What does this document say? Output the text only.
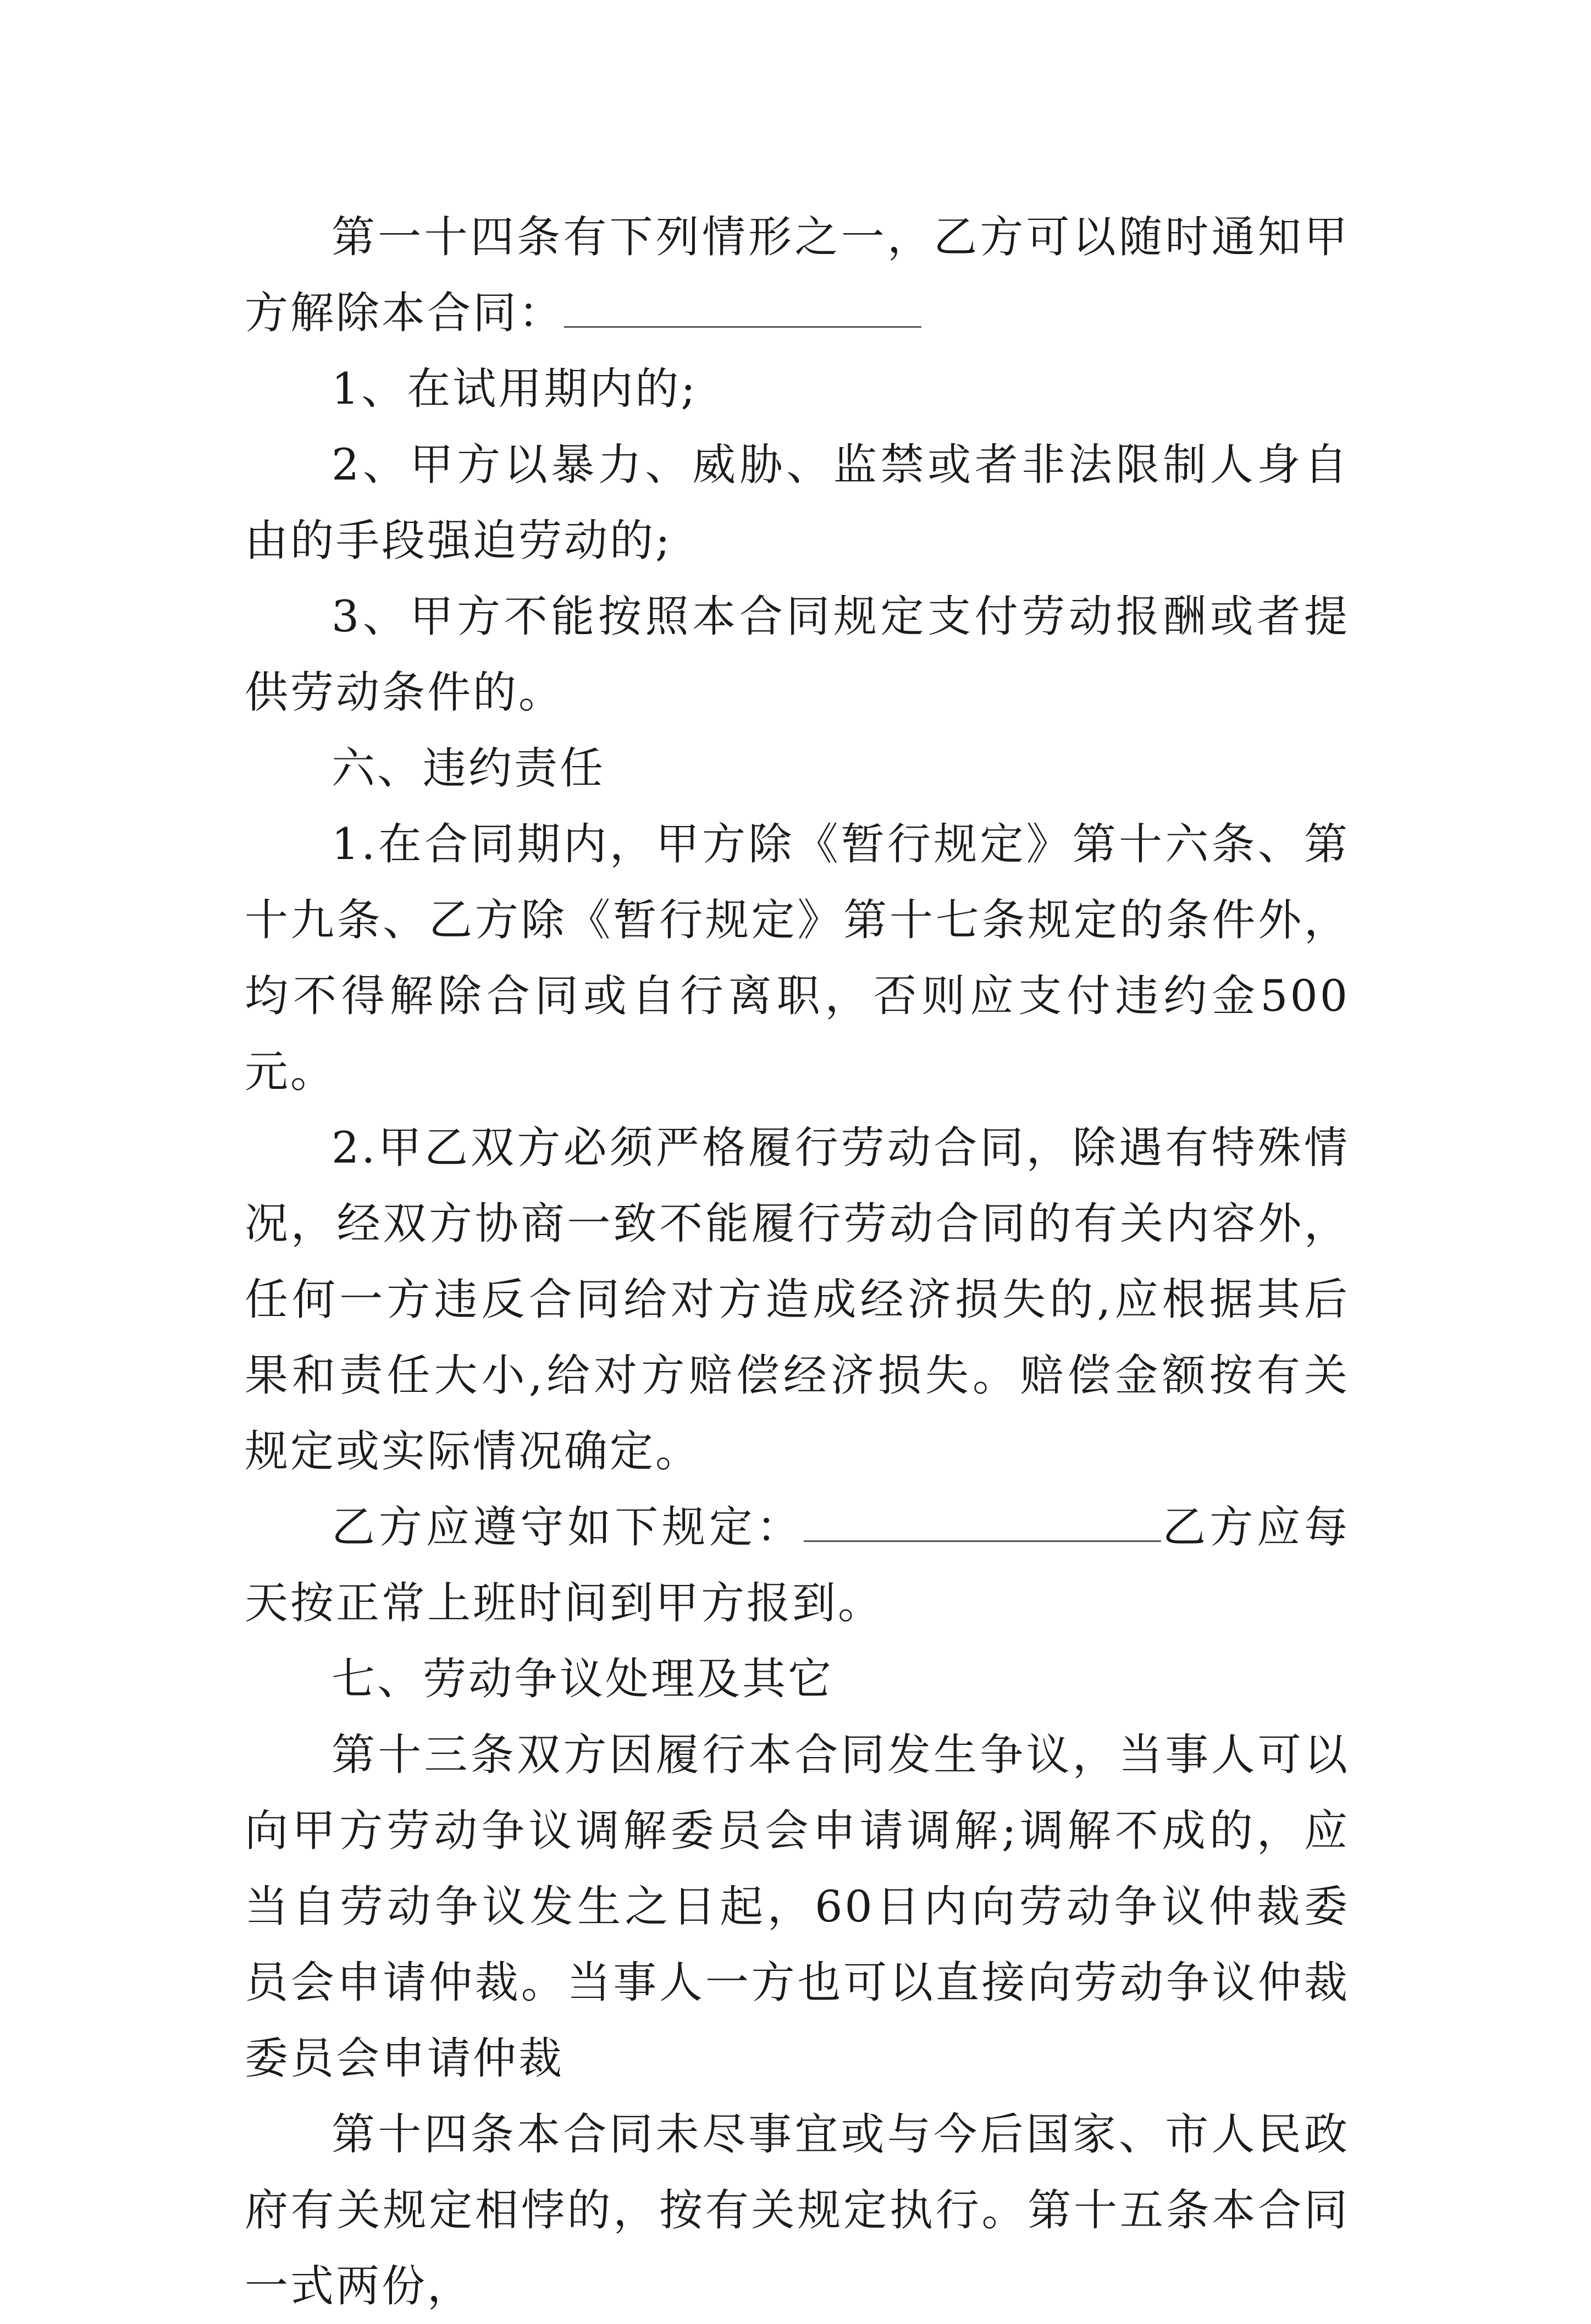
第一十四条有下列情形之一，乙方可以随时通知甲方解除本合同：

1、在试用期内的;

2、甲方以暴力、威胁、监禁或者非法限制人身自由的手段强迫劳动的;

3、甲方不能按照本合同规定支付劳动报酬或者提供劳动条件的。

六、违约责任

1.在合同期内，甲方除《暂行规定》第十六条、第十九条、乙方除《暂行规定》第十七条规定的条件外，均不得解除合同或自行离职，否则应支付违约金500元。

2.甲乙双方必须严格履行劳动合同，除遇有特殊情况，经双方协商一致不能履行劳动合同的有关内容外，任何一方违反合同给对方造成经济损失的,应根据其后果和责任大小,给对方赔偿经济损失。赔偿金额按有关规定或实际情况确定。

乙方应遵守如下规定：	乙方应每天按正常上班时间到甲方报到。

七、劳动争议处理及其它

第十三条双方因履行本合同发生争议，当事人可以向甲方劳动争议调解委员会申请调解;调解不成的，应当自劳动争议发生之日起，60日内向劳动争议仲裁委员会申请仲裁。当事人一方也可以直接向劳动争议仲裁委员会申请仲裁

第十四条本合同未尽事宜或与今后国家、市人民政府有关规定相悖的，按有关规定执行。第十五条本合同一式两份，
